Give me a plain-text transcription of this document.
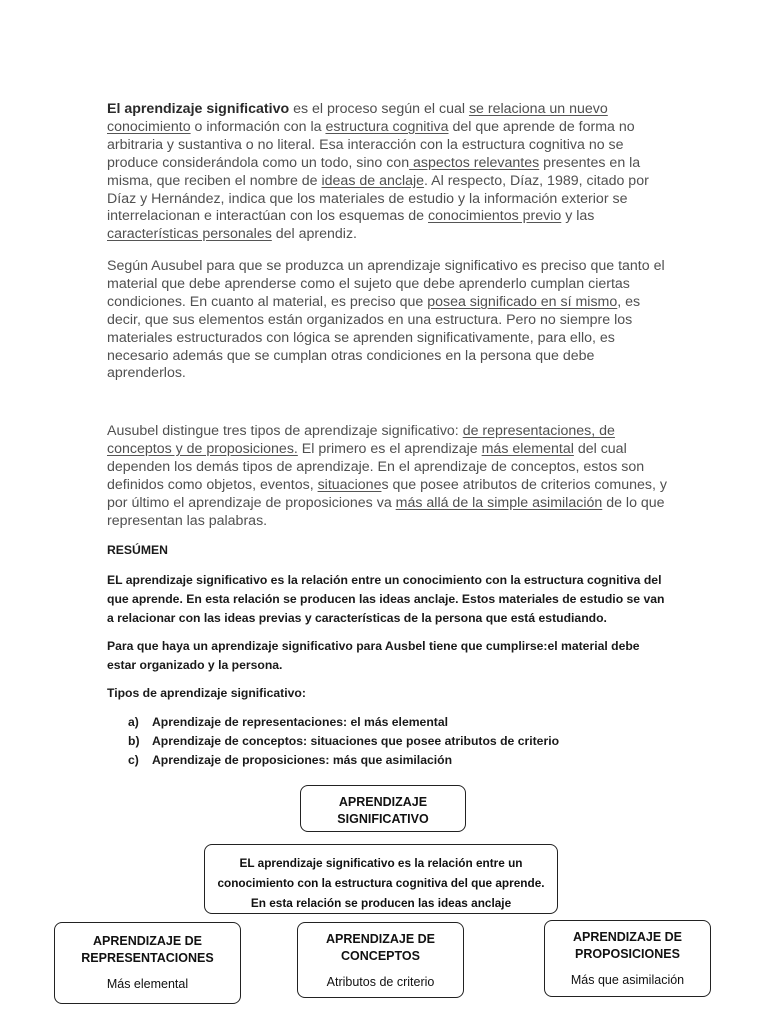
El aprendizaje significativo es el proceso según el cual se relaciona un nuevo conocimiento o información con la estructura cognitiva del que aprende de forma no arbitraria y sustantiva o no literal. Esa interacción con la estructura cognitiva no se produce considerándola como un todo, sino con aspectos relevantes presentes en la misma, que reciben el nombre de ideas de anclaje. Al respecto, Díaz, 1989, citado por Díaz y Hernández, indica que los materiales de estudio y la información exterior se interrelacionan e interactúan con los esquemas de conocimientos previo y las características personales del aprendiz.
Según Ausubel para que se produzca un aprendizaje significativo es preciso que tanto el material que debe aprenderse como el sujeto que debe aprenderlo cumplan ciertas condiciones. En cuanto al material, es preciso que posea significado en sí mismo, es decir, que sus elementos están organizados en una estructura. Pero no siempre los materiales estructurados con lógica se aprenden significativamente, para ello, es necesario además que se cumplan otras condiciones en la persona que debe aprenderlos.
Ausubel distingue tres tipos de aprendizaje significativo: de representaciones, de conceptos y de proposiciones. El primero es el aprendizaje más elemental del cual dependen los demás tipos de aprendizaje. En el aprendizaje de conceptos, estos son definidos como objetos, eventos, situaciones que posee atributos de criterios comunes, y por último el aprendizaje de proposiciones va más allá de la simple asimilación de lo que representan las palabras.
RESÚMEN
EL aprendizaje significativo es la relación entre un conocimiento con la estructura cognitiva del que aprende. En esta relación se producen las ideas anclaje. Estos materiales de estudio se van a relacionar con las ideas previas y características de la persona que está estudiando.
Para que haya un aprendizaje significativo para Ausbel tiene que cumplirse:el material debe estar organizado y la persona.
Tipos de aprendizaje significativo:
a) Aprendizaje de representaciones: el más elemental
b) Aprendizaje de conceptos: situaciones que posee atributos de criterio
c) Aprendizaje de proposiciones: más que asimilación
APRENDIZAJE
SIGNIFICATIVO
EL aprendizaje significativo es la relación entre un
conocimiento con la estructura cognitiva del que aprende.
En esta relación se producen las ideas anclaje
APRENDIZAJE DE
REPRESENTACIONES
Más elemental
APRENDIZAJE DE
CONCEPTOS
Atributos de criterio
APRENDIZAJE DE
PROPOSICIONES
Más que asimilación
